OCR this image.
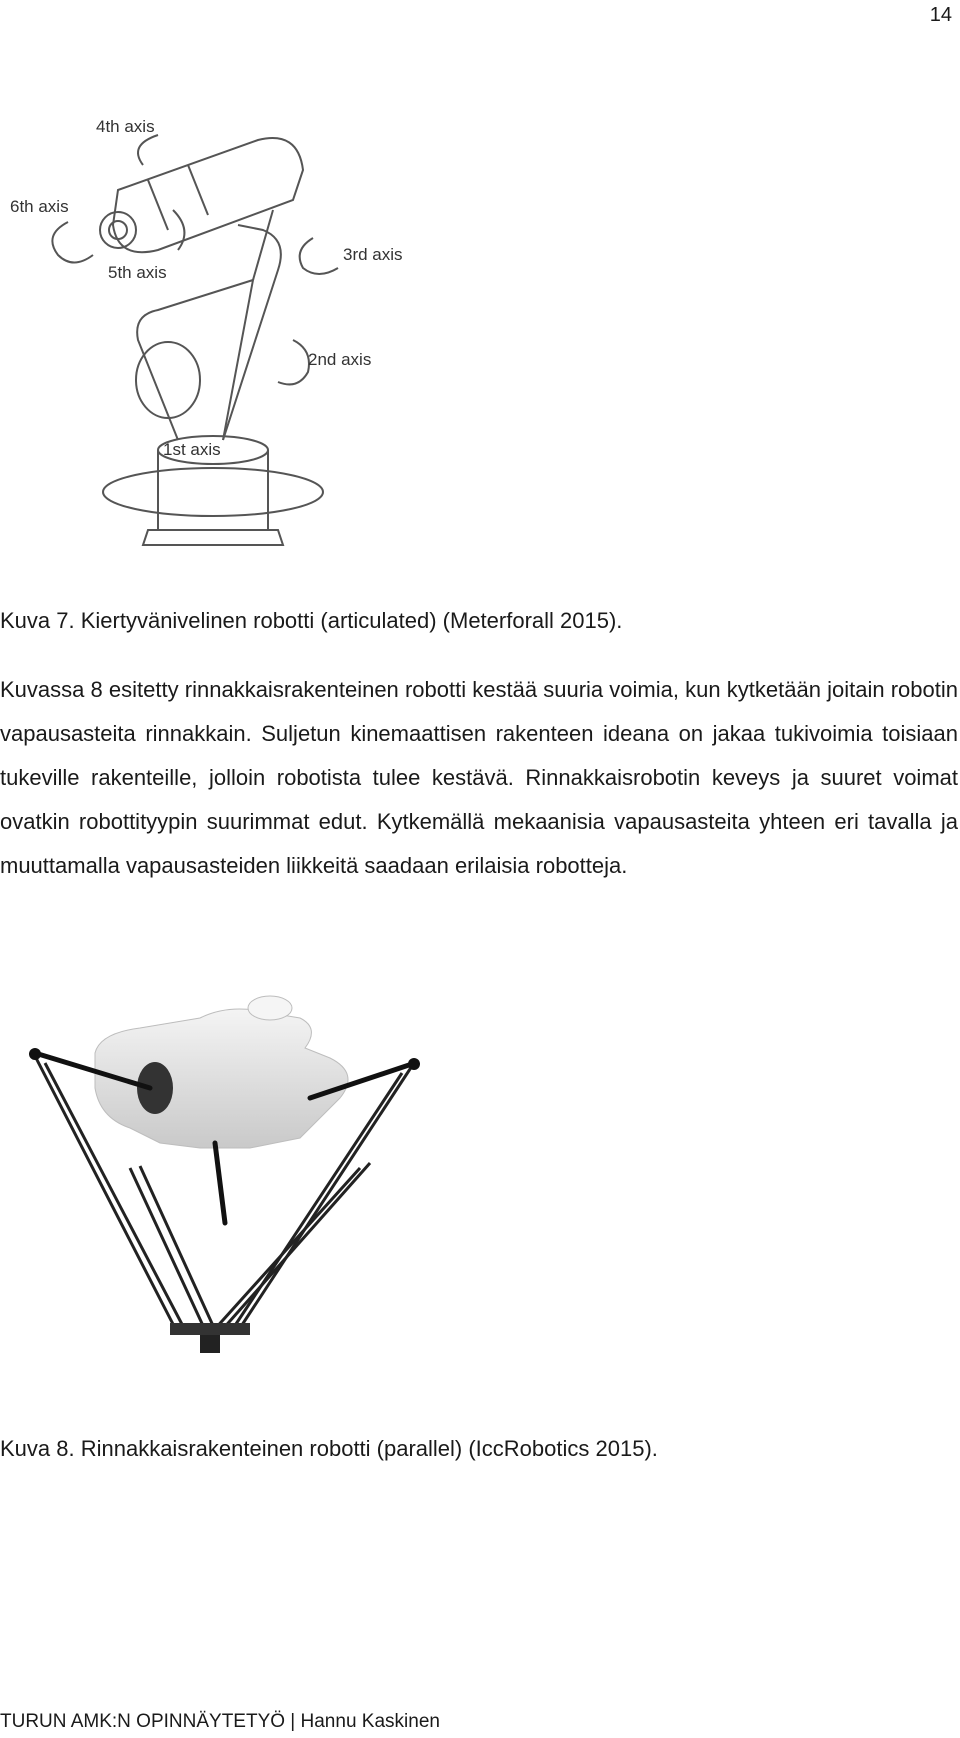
14
4th axis
6th axis
5th axis
3rd axis
2nd axis
1st axis
Kuva 7. Kiertyvänivelinen robotti (articulated) (Meterforall 2015).

Kuvassa 8 esitetty rinnakkaisrakenteinen robotti kestää suuria voimia, kun kytketään joitain robotin vapausasteita rinnakkain. Suljetun kinemaattisen rakenteen ideana on jakaa tukivoimia toisiaan tukeville rakenteille, jolloin robotista tulee kestävä. Rinnakkaisrobotin keveys ja suuret voimat ovatkin robottityypin suurimmat edut. Kytkemällä mekaanisia vapausasteita yhteen eri tavalla ja muuttamalla vapausasteiden liikkeitä saadaan erilaisia robotteja.

Kuva 8. Rinnakkaisrakenteinen robotti (parallel) (IccRobotics 2015).
TURUN AMK:N OPINNÄYTETYÖ | Hannu Kaskinen
